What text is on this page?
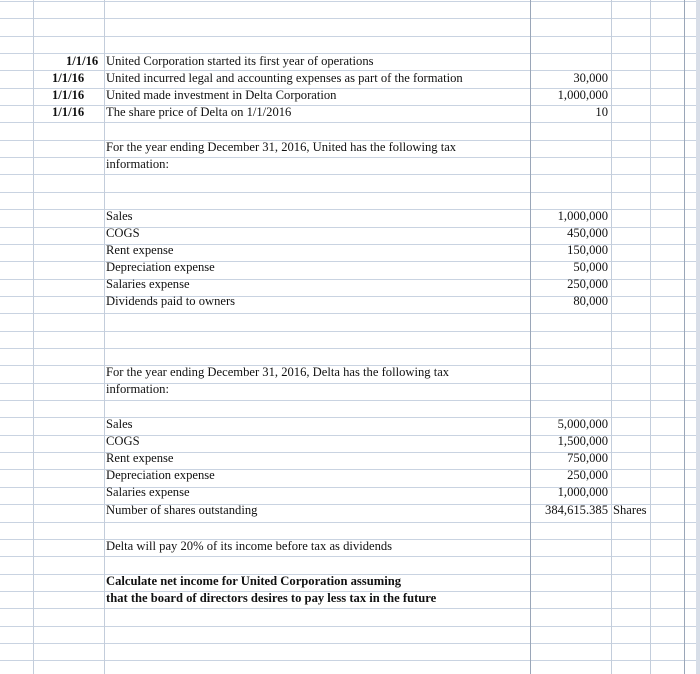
1/1/16 United Corporation started its first year of operations
1/1/16	United incurred legal and accounting expenses as part of the formation	30,000
1/1/16	United made investment in Delta Corporation	1,000,000
1/1/16	The share price of Delta on 1/1/2016	10
For the year ending December 31, 2016, United has the following tax information:
Sales	1,000,000
COGS	450,000
Rent expense	150,000
Depreciation expense	50,000
Salaries expense	250,000
Dividends paid to owners	80,000
For the year ending December 31, 2016, Delta has the following tax information:
Sales	5,000,000
COGS	1,500,000
Rent expense	750,000
Depreciation expense	250,000
Salaries expense	1,000,000
Number of shares outstanding	384,615.385 Shares
Delta will pay 20% of its income before tax as dividends
Calculate net income for United Corporation assuming
that the board of directors desires to pay less tax in the future
